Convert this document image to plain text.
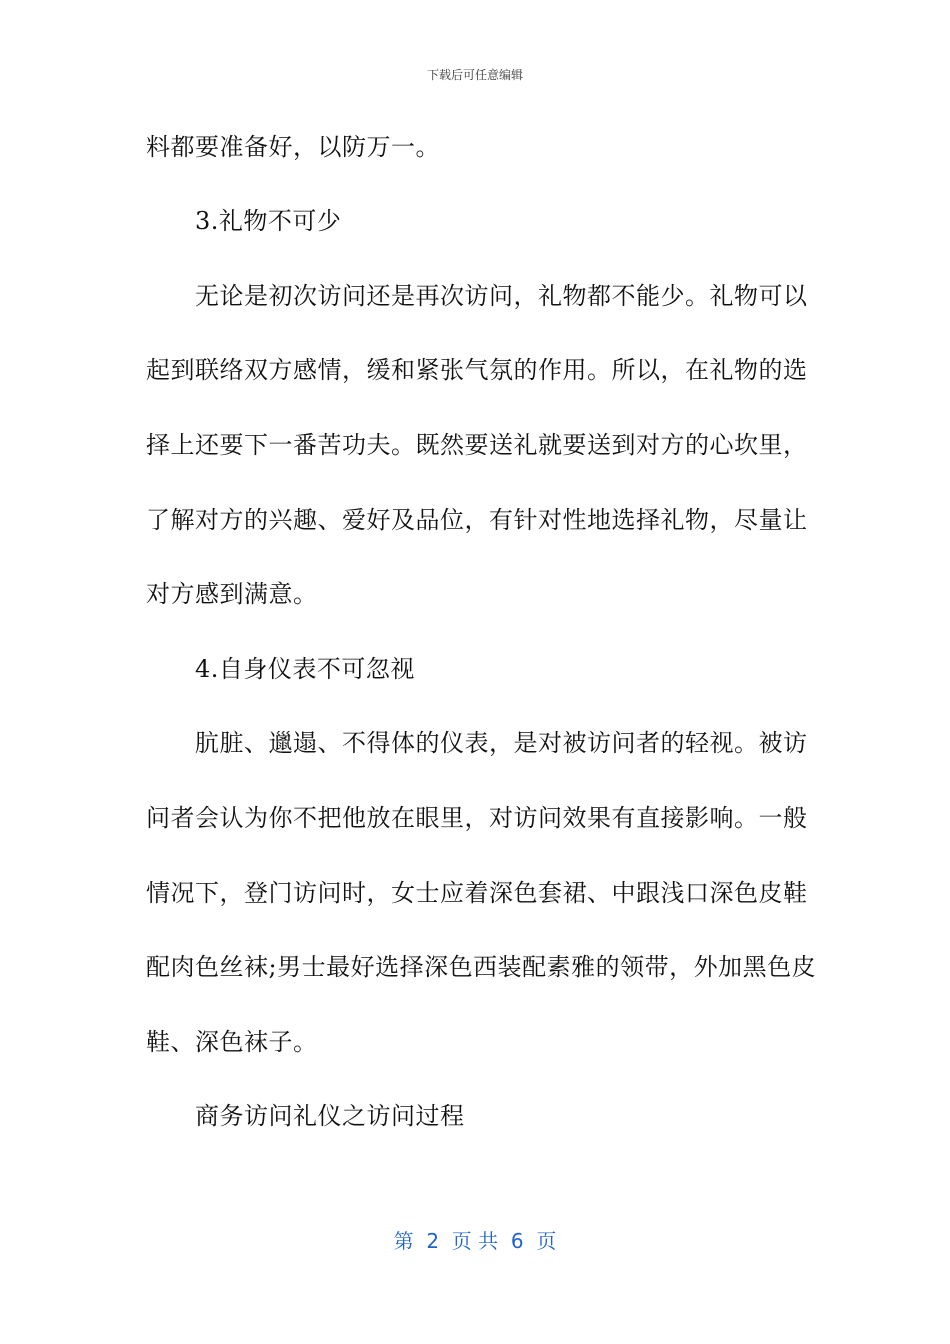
下载后可任意编辑
料都要准备好，以防万一。
　　3.礼物不可少
　　无论是初次访问还是再次访问，礼物都不能少。礼物可以
起到联络双方感情，缓和紧张气氛的作用。所以，在礼物的选
择上还要下一番苦功夫。既然要送礼就要送到对方的心坎里，
了解对方的兴趣、爱好及品位，有针对性地选择礼物，尽量让
对方感到满意。
　　4.自身仪表不可忽视
　　肮脏、邋遢、不得体的仪表，是对被访问者的轻视。被访
问者会认为你不把他放在眼里，对访问效果有直接影响。一般
情况下，登门访问时，女士应着深色套裙、中跟浅口深色皮鞋
配肉色丝袜;男士最好选择深色西装配素雅的领带，外加黑色皮
鞋、深色袜子。
　　商务访问礼仪之访问过程
第  2  页 共  6  页
